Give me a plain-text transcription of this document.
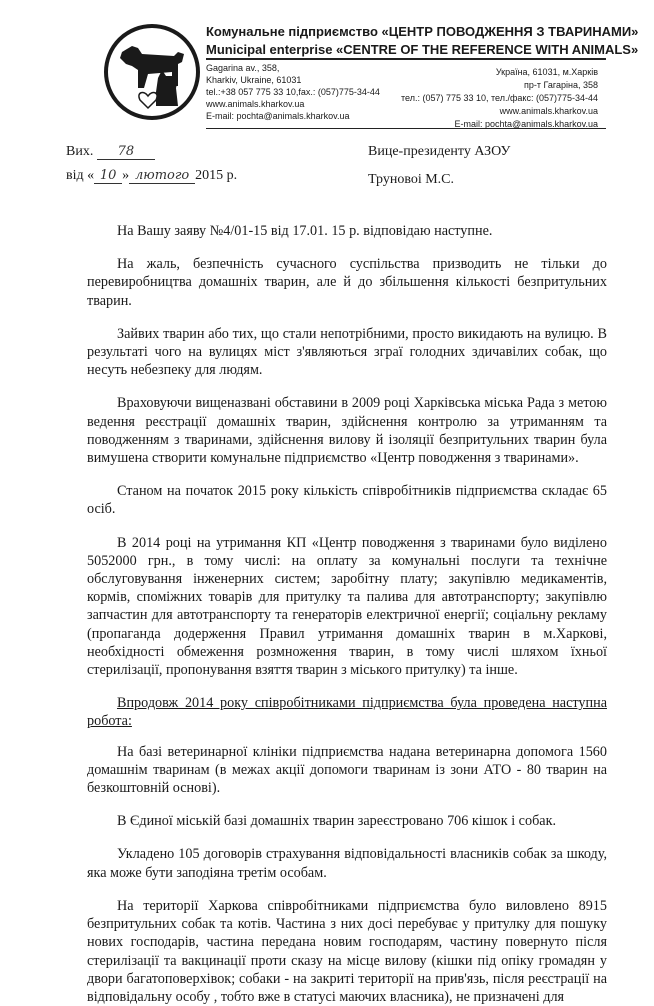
Комунальне підприємство «ЦЕНТР ПОВОДЖЕННЯ З ТВАРИНАМИ»
Municipal enterprise «CENTRE OF THE REFERENCE WITH ANIMALS»
Gagarina av., 358,
Kharkiv, Ukraine, 61031
tel.:+38 057 775 33 10,fax.: (057)775-34-44
www.animals.kharkov.ua
E-mail: pochta@animals.kharkov.ua
Україна, 61031, м.Харків
пр-т Гагаріна, 358
тел.: (057) 775 33 10, тел./факс: (057)775-34-44
www.animals.kharkov.ua
E-mail: pochta@animals.kharkov.ua
Вих. 78
від « 10 » лютого 2015 р.
Вице-президенту АЗОУ
Труновоі М.С.

На Вашу заяву №4/01-15 від 17.01. 15 р. відповідаю наступне.

На жаль, безпечність сучасного суспільства призводить не тільки до перевиробництва домашніх тварин, але й до збільшення кількості безпритульних тварин.

Зайвих тварин або тих, що стали непотрібними, просто викидають на вулицю. В результаті чого на вулицях міст з'являються зграї голодних здичавілих собак, що несуть небезпеку для людям.

Враховуючи вищеназвані обставини в 2009 році Харківська міська Рада з метою ведення реєстрації домашніх тварин, здійснення контролю за утриманням та поводженням з тваринами, здійснення вилову й ізоляції безпритульних тварин була вимушена створити комунальне підприємство «Центр поводження з тваринами».

Станом на початок 2015 року кількість співробітників підприємства складає 65 осіб.

В 2014 році на утримання КП «Центр поводження з тваринами було виділено 5052000 грн., в тому числі: на оплату за комунальні послуги та технічне обслуговування інженерних систем; заробітну плату; закупівлю медикаментів, кормів, споміжних товарів для притулку та палива для автотранспорту; закупівлю запчастин для автотранспорту та генераторів електричної енергії; соціальну рекламу (пропаганда додерження Правил утримання домашніх тварин в м.Харкові, необхідності обмеження розмноження тварин, в тому числі шляхом їхньої стерилізації, пропонування взяття тварин з міського притулку) та інше.

Впродовж 2014 року співробітниками підприємства була проведена наступна робота:

На базі ветеринарної клініки підприємства надана ветеринарна допомога 1560 домашнім тваринам (в межах акції допомоги тваринам із зони АТО - 80 тварин на безкоштовній основі).

В Єдиної міській базі домашніх тварин зареєстровано 706 кішок і собак.

Укладено 105 договорів страхування відповідальності власників собак за шкоду, яка може бути заподіяна третім особам.

На території Харкова співробітниками підприємства було виловлено 8915 безпритульних собак та котів. Частина з них досі перебуває у притулку для пошуку нових господарів, частина передана новим господарям, частину повернуто після стерилізації та вакцинації проти сказу на місце вилову (кішки під опіку громадян у двори багатоповерхівок; собаки - на закриті території на прив'язь, після реєстрації на відповідальну особу , тобто вже в статусі маючих власника), не призначені для
